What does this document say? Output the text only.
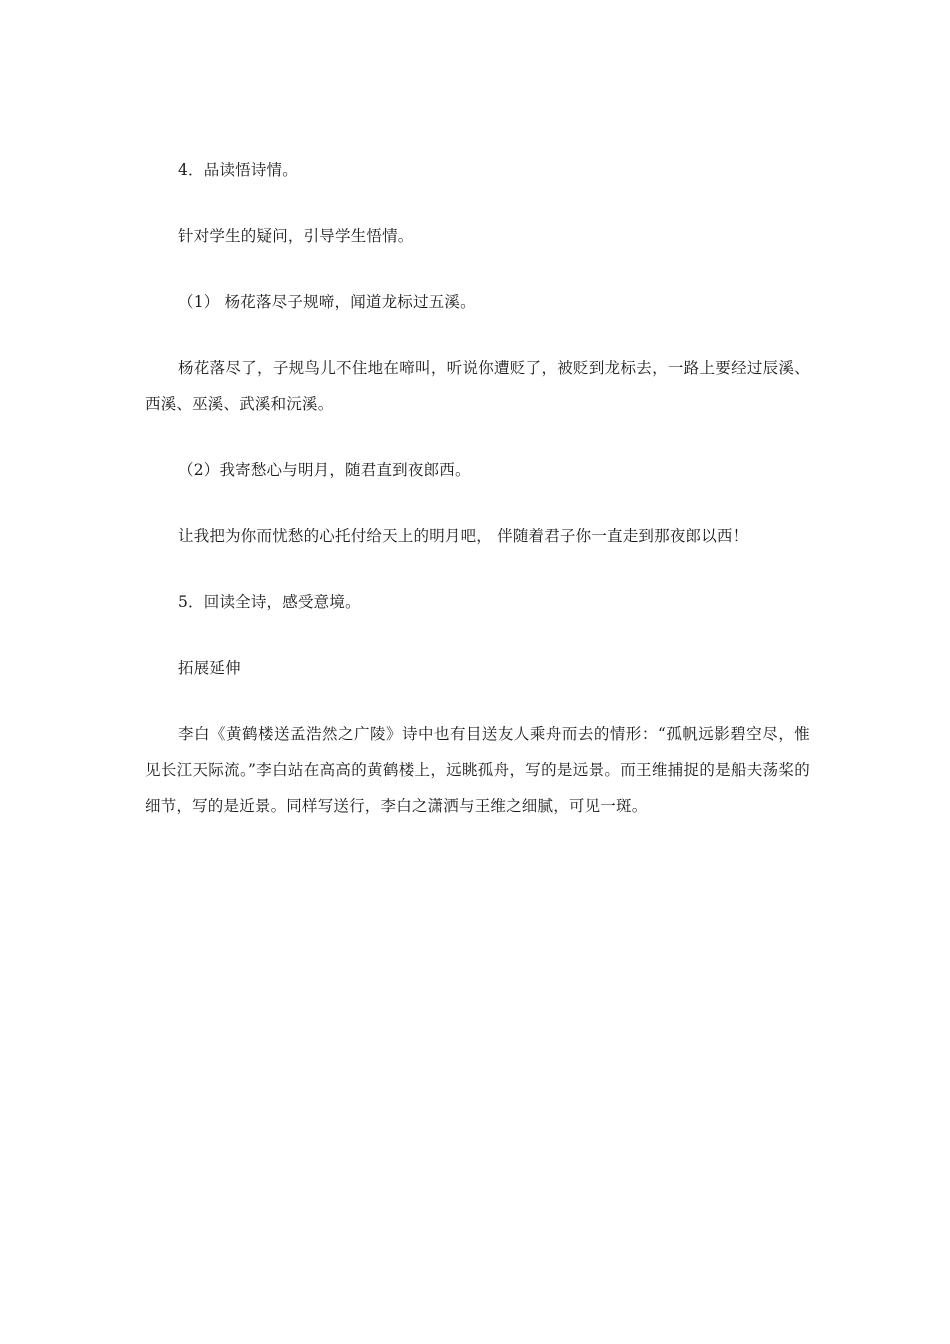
4．品读悟诗情。

针对学生的疑问，引导学生悟情。

（1） 杨花落尽子规啼，闻道龙标过五溪。

杨花落尽了，子规鸟儿不住地在啼叫，听说你遭贬了，被贬到龙标去，一路上要经过辰溪、西溪、巫溪、武溪和沅溪。

（2）我寄愁心与明月，随君直到夜郎西。

让我把为你而忧愁的心托付给天上的明月吧， 伴随着君子你一直走到那夜郎以西！

5．回读全诗，感受意境。

拓展延伸

李白《黄鹤楼送孟浩然之广陵》诗中也有目送友人乘舟而去的情形：“孤帆远影碧空尽，惟见长江天际流。”李白站在高高的黄鹤楼上，远眺孤舟，写的是远景。而王维捕捉的是船夫荡桨的细节，写的是近景。同样写送行，李白之潇洒与王维之细腻，可见一斑。
